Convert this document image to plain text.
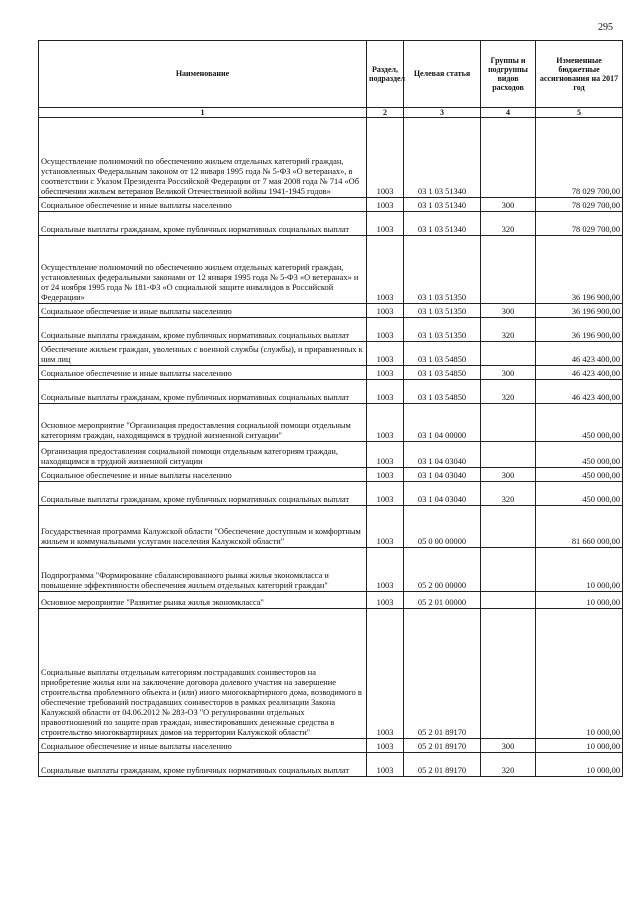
295
Наименование	Раздел, подраздел	Целевая статья	Группы и подгруппы видов расходов	Измененные бюджетные ассигнования на 2017 год
1	2	3	4	5
Осуществление полномочий по обеспечению жильем отдельных категорий граждан, установленных Федеральным законом от 12 января 1995 года № 5-ФЗ «О ветеранах», в соответствии с Указом Президента Российской Федерации от 7 мая 2008 года № 714 «Об обеспечении жильем ветеранов Великой Отечественной войны 1941-1945 годов»	1003	03 1 03 51340		78 029 700,00
Социальное обеспечение и иные выплаты населению	1003	03 1 03 51340	300	78 029 700,00
Социальные выплаты гражданам, кроме публичных нормативных социальных выплат	1003	03 1 03 51340	320	78 029 700,00
Осуществление полномочий по обеспечению жильем отдельных категорий граждан, установленных федеральными законами от 12 января 1995 года № 5-ФЗ «О ветеранах» и от 24 ноября 1995 года № 181-ФЗ «О социальной защите инвалидов в Российской Федерации»	1003	03 1 03 51350		36 196 900,00
Социальное обеспечение и иные выплаты населению	1003	03 1 03 51350	300	36 196 900,00
Социальные выплаты гражданам, кроме публичных нормативных социальных выплат	1003	03 1 03 51350	320	36 196 900,00
Обеспечение жильем граждан, уволенных с военной службы (службы), и приравненных к ним лиц	1003	03 1 03 54850		46 423 400,00
Социальное обеспечение и иные выплаты населению	1003	03 1 03 54850	300	46 423 400,00
Социальные выплаты гражданам, кроме публичных нормативных социальных выплат	1003	03 1 03 54850	320	46 423 400,00
Основное мероприятие "Организация предоставления социальной помощи отдельным категориям граждан, находящимся в трудной жизненной ситуации"	1003	03 1 04 00000		450 000,00
Организация предоставления социальной помощи отдельным категориям граждан, находящимся в трудной жизненной ситуации	1003	03 1 04 03040		450 000,00
Социальное обеспечение и иные выплаты населению	1003	03 1 04 03040	300	450 000,00
Социальные выплаты гражданам, кроме публичных нормативных социальных выплат	1003	03 1 04 03040	320	450 000,00
Государственная программа Калужской области "Обеспечение доступным и комфортным жильем и коммунальными услугами населения Калужской области"	1003	05 0 00 00000		81 660 000,00
Подпрограмма "Формирование сбалансированного рынка жилья экономкласса и повышение эффективности обеспечения жильем отдельных категорий граждан"	1003	05 2 00 00000		10 000,00
Основное мероприятие "Развитие рынка жилья экономкласса"	1003	05 2 01 00000		10 000,00
Социальные выплаты отдельным категориям пострадавших соинвесторов на приобретение жилья или на заключение договора долевого участия на завершение строительства проблемного объекта и (или) иного многоквартирного дома, возводимого в обеспечение требований пострадавших соинвесторов в рамках реализации Закона Калужской области от 04.06.2012 № 283-ОЗ "О регулировании отдельных правоотношений по защите прав граждан, инвестировавших денежные средства в строительство многоквартирных домов на территории Калужской области"	1003	05 2 01 89170		10 000,00
Социальное обеспечение и иные выплаты населению	1003	05 2 01 89170	300	10 000,00
Социальные выплаты гражданам, кроме публичных нормативных социальных выплат	1003	05 2 01 89170	320	10 000,00
